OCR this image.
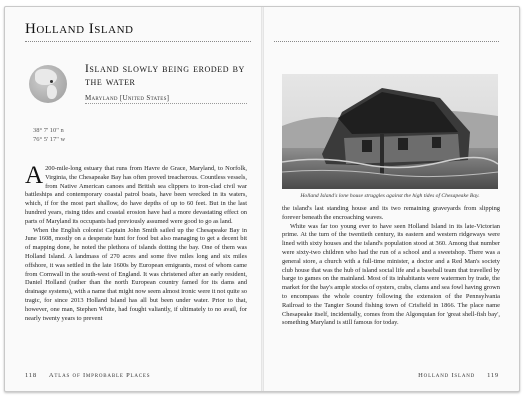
Holland Island
38° 7' 10" n
76° 5' 17" w
Island slowly being eroded by the water
Maryland [United States]

A 200-mile-long estuary that runs from Havre de Grace, Maryland, to Norfolk, Virginia, the Chesapeake Bay has often proved treacherous. Countless vessels, from Native American canoes and British sea clippers to iron-clad civil war battleships and contemporary coastal patrol boats, have been wrecked in its waters, which, if for the most part shallow, do have depths of up to 60 feet. But in the last hundred years, rising tides and coastal erosion have had a more devastating effect on parts of Maryland its occupants had previously assumed were good to go as land.

When the English colonist Captain John Smith sailed up the Chesapeake Bay in June 1608, mostly on a desperate hunt for food but also managing to get a decent bit of mapping done, he noted the plethora of islands dotting the bay. One of them was Holland Island. A landmass of 270 acres and some five miles long and six miles offshore, it was settled in the late 1600s by European emigrants, most of whom came from Cornwall in the south-west of England. It was christened after an early resident, Daniel Holland (rather than the north European country famed for its dams and drainage systems), with a name that might now seem almost ironic were it not quite so tragic, for since 2013 Holland Island has all but been under water. Prior to that, however, one man, Stephen White, had fought valiantly, if ultimately to no avail, for nearly twenty years to prevent

118 Atlas of Improbable Places
Holland Island's lone house struggles against the high tides of Chesapeake Bay.

the island's last standing house and its two remaining graveyards from slipping forever beneath the encroaching waves.

White was far too young ever to have seen Holland Island in its late-Victorian prime. At the turn of the twentieth century, its eastern and western ridgeways were lined with sixty houses and the island's population stood at 360. Among that number were sixty-two children who had the run of a school and a sweetshop. There was a general store, a church with a full-time minister, a doctor and a Red Man's society club house that was the hub of island social life and a baseball team that travelled by barge to games on the mainland. Most of its inhabitants were watermen by trade, the market for the bay's ample stocks of oysters, crabs, clams and sea fowl having grown to encompass the whole country following the extension of the Pennsylvania Railroad to the Tangier Sound fishing town of Crisfield in 1866. The place name Chesapeake itself, incidentally, comes from the Algonquian for 'great shell-fish bay', something Maryland is still famous for today.

Holland Island 119
